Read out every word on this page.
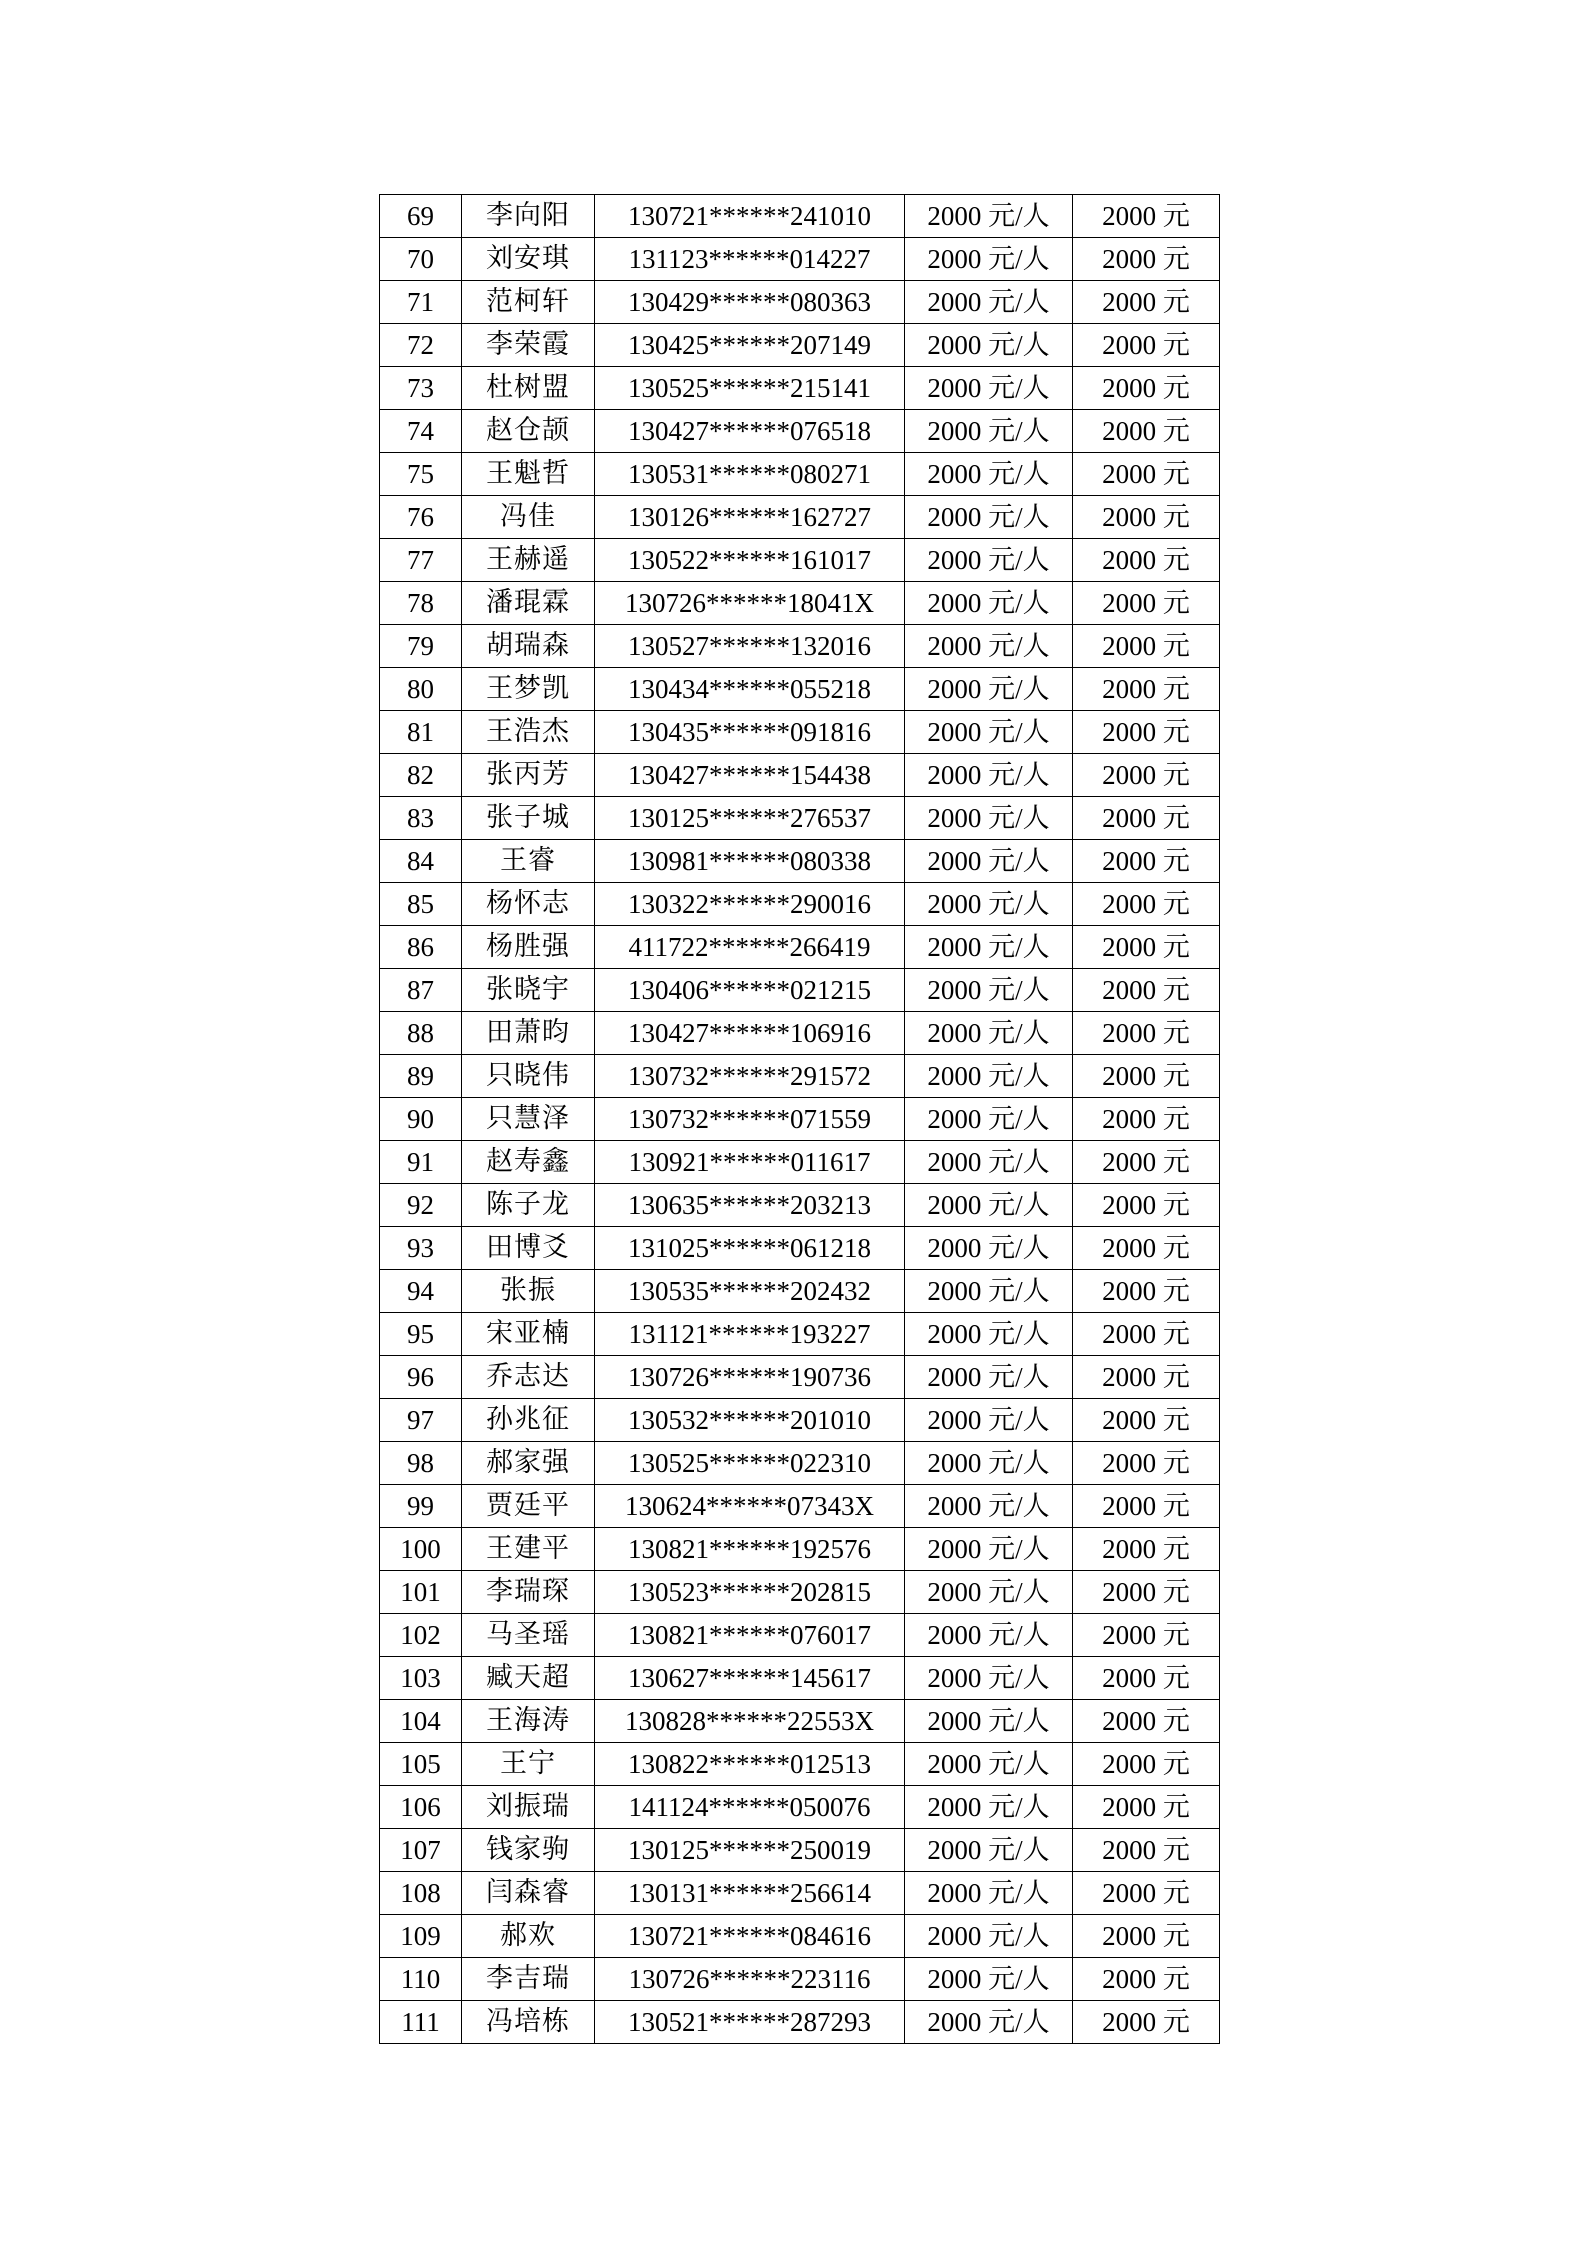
69	李向阳	130721******241010	2000 元/人	2000 元
70	刘安琪	131123******014227	2000 元/人	2000 元
71	范柯轩	130429******080363	2000 元/人	2000 元
72	李荣霞	130425******207149	2000 元/人	2000 元
73	杜树盟	130525******215141	2000 元/人	2000 元
74	赵仓颉	130427******076518	2000 元/人	2000 元
75	王魁哲	130531******080271	2000 元/人	2000 元
76	冯佳	130126******162727	2000 元/人	2000 元
77	王赫遥	130522******161017	2000 元/人	2000 元
78	潘琨霖	130726******18041X	2000 元/人	2000 元
79	胡瑞森	130527******132016	2000 元/人	2000 元
80	王梦凯	130434******055218	2000 元/人	2000 元
81	王浩杰	130435******091816	2000 元/人	2000 元
82	张丙芳	130427******154438	2000 元/人	2000 元
83	张子城	130125******276537	2000 元/人	2000 元
84	王睿	130981******080338	2000 元/人	2000 元
85	杨怀志	130322******290016	2000 元/人	2000 元
86	杨胜强	411722******266419	2000 元/人	2000 元
87	张晓宇	130406******021215	2000 元/人	2000 元
88	田萧昀	130427******106916	2000 元/人	2000 元
89	只晓伟	130732******291572	2000 元/人	2000 元
90	只慧泽	130732******071559	2000 元/人	2000 元
91	赵寿鑫	130921******011617	2000 元/人	2000 元
92	陈子龙	130635******203213	2000 元/人	2000 元
93	田博爻	131025******061218	2000 元/人	2000 元
94	张振	130535******202432	2000 元/人	2000 元
95	宋亚楠	131121******193227	2000 元/人	2000 元
96	乔志达	130726******190736	2000 元/人	2000 元
97	孙兆征	130532******201010	2000 元/人	2000 元
98	郝家强	130525******022310	2000 元/人	2000 元
99	贾廷平	130624******07343X	2000 元/人	2000 元
100	王建平	130821******192576	2000 元/人	2000 元
101	李瑞琛	130523******202815	2000 元/人	2000 元
102	马圣瑶	130821******076017	2000 元/人	2000 元
103	臧天超	130627******145617	2000 元/人	2000 元
104	王海涛	130828******22553X	2000 元/人	2000 元
105	王宁	130822******012513	2000 元/人	2000 元
106	刘振瑞	141124******050076	2000 元/人	2000 元
107	钱家驹	130125******250019	2000 元/人	2000 元
108	闫森睿	130131******256614	2000 元/人	2000 元
109	郝欢	130721******084616	2000 元/人	2000 元
110	李吉瑞	130726******223116	2000 元/人	2000 元
111	冯培栋	130521******287293	2000 元/人	2000 元
